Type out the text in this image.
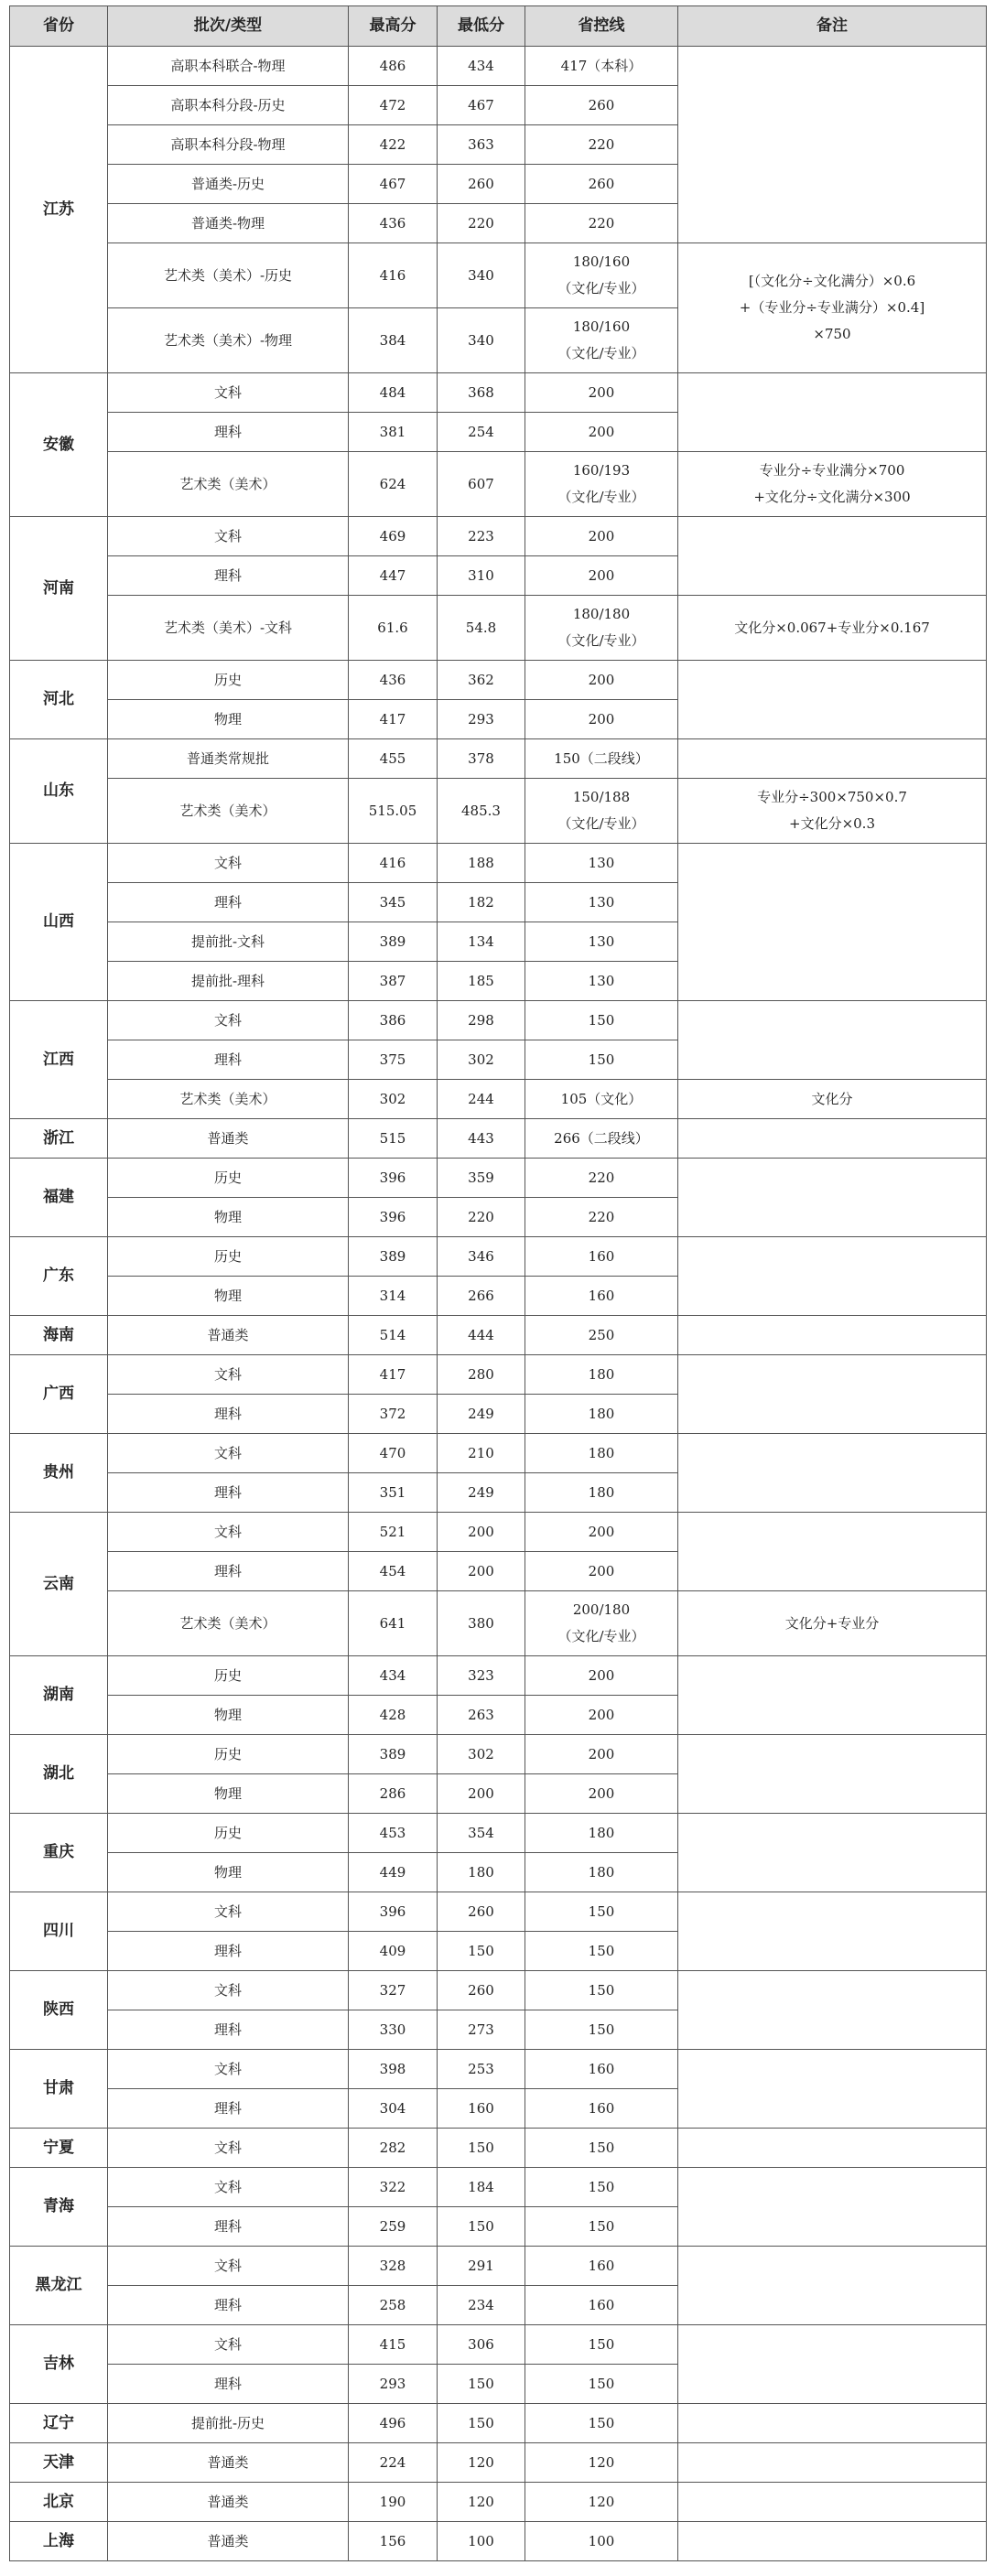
省份	批次/类型	最高分	最低分	省控线	备注
江苏	高职本科联合-物理	486	434	417（本科）	
	高职本科分段-历史	472	467	260	
	高职本科分段-物理	422	363	220	
	普通类-历史	467	260	260	
	普通类-物理	436	220	220	
	艺术类（美术）-历史	416	340	180/160
（文化/专业）	[（文化分÷文化满分）×0.6
+（专业分÷专业满分）×0.4]
×750
	艺术类（美术）-物理	384	340	180/160
（文化/专业）	
安徽	文科	484	368	200	
	理科	381	254	200	
	艺术类（美术）	624	607	160/193
（文化/专业）	专业分÷专业满分×700
+文化分÷文化满分×300
河南	文科	469	223	200	
	理科	447	310	200	
	艺术类（美术）-文科	61.6	54.8	180/180
（文化/专业）	文化分×0.067+专业分×0.167
河北	历史	436	362	200	
	物理	417	293	200	
山东	普通类常规批	455	378	150（二段线）	
	艺术类（美术）	515.05	485.3	150/188
（文化/专业）	专业分÷300×750×0.7
+文化分×0.3
山西	文科	416	188	130	
	理科	345	182	130	
	提前批-文科	389	134	130	
	提前批-理科	387	185	130	
江西	文科	386	298	150	
	理科	375	302	150	
	艺术类（美术）	302	244	105（文化）	文化分
浙江	普通类	515	443	266（二段线）	
福建	历史	396	359	220	
	物理	396	220	220	
广东	历史	389	346	160	
	物理	314	266	160	
海南	普通类	514	444	250	
广西	文科	417	280	180	
	理科	372	249	180	
贵州	文科	470	210	180	
	理科	351	249	180	
云南	文科	521	200	200	
	理科	454	200	200	
	艺术类（美术）	641	380	200/180
（文化/专业）	文化分+专业分
湖南	历史	434	323	200	
	物理	428	263	200	
湖北	历史	389	302	200	
	物理	286	200	200	
重庆	历史	453	354	180	
	物理	449	180	180	
四川	文科	396	260	150	
	理科	409	150	150	
陕西	文科	327	260	150	
	理科	330	273	150	
甘肃	文科	398	253	160	
	理科	304	160	160	
宁夏	文科	282	150	150	
青海	文科	322	184	150	
	理科	259	150	150	
黑龙江	文科	328	291	160	
	理科	258	234	160	
吉林	文科	415	306	150	
	理科	293	150	150	
辽宁	提前批-历史	496	150	150	
天津	普通类	224	120	120	
北京	普通类	190	120	120	
上海	普通类	156	100	100	
